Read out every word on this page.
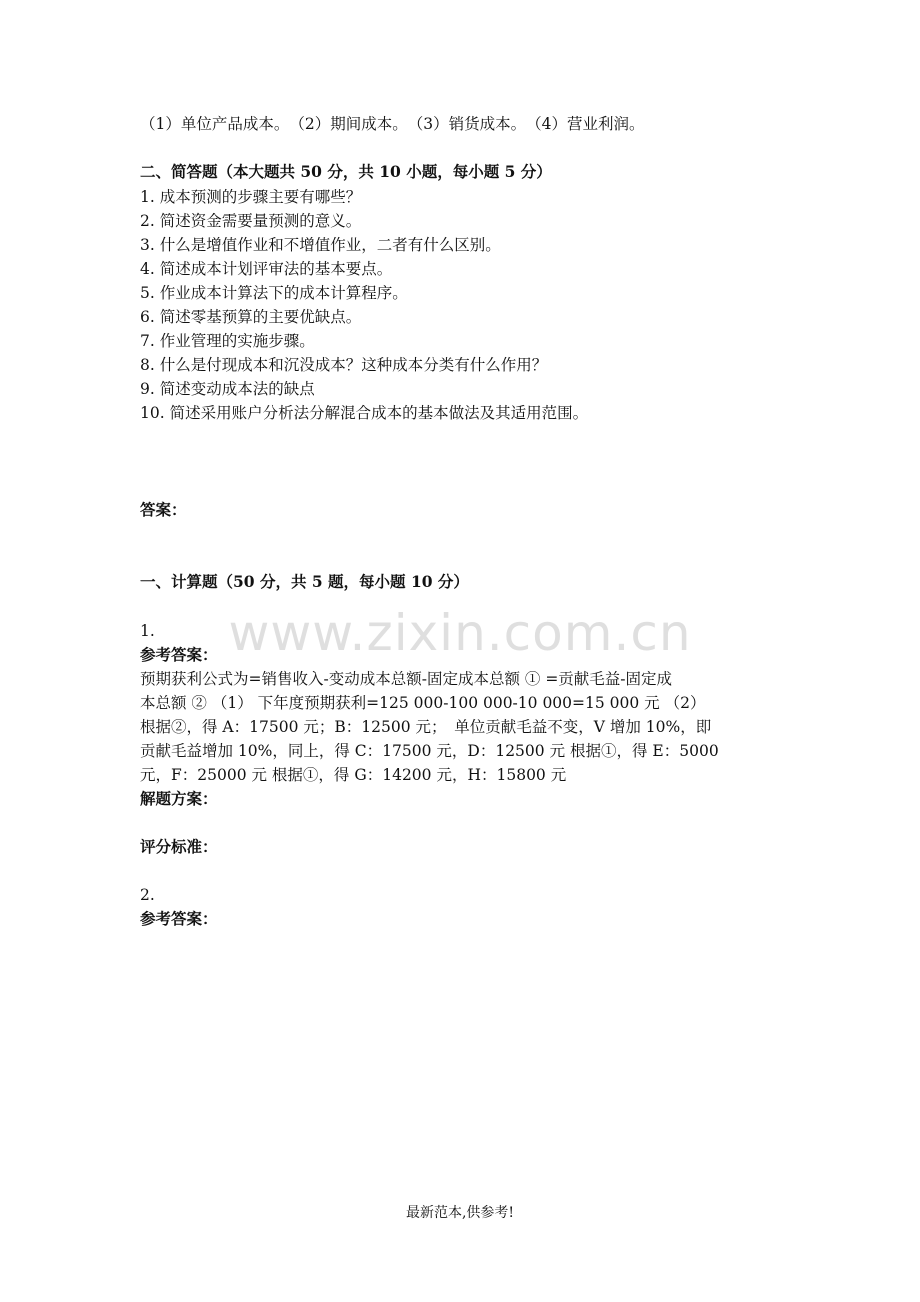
（1）单位产品成本。　（2）期间成本。　（3）销货成本。　（4）营业利润。
二、简答题（本大题共 50 分，共 10 小题，每小题 5 分）
1. 成本预测的步骤主要有哪些？
2. 简述资金需要量预测的意义。
3. 什么是增值作业和不增值作业，二者有什么区别。
4. 简述成本计划评审法的基本要点。
5. 作业成本计算法下的成本计算程序。
6. 简述零基预算的主要优缺点。
7. 作业管理的实施步骤。
8. 什么是付现成本和沉没成本？这种成本分类有什么作用？
9. 简述变动成本法的缺点
10. 简述采用账户分析法分解混合成本的基本做法及其适用范围。
答案：
一、计算题（50 分，共 5 题，每小题 10 分）
1.
参考答案：
预期获利公式为=销售收入-变动成本总额-固定成本总额 ① =贡献毛益-固定成
本总额 ② （1） 下年度预期获利=125 000-100 000-10 000=15 000 元 （2）
根据②，得 A：17500 元；B：12500 元；　单位贡献毛益不变，V 增加 10%，即
贡献毛益增加 10%，同上，得 C：17500 元，D：12500 元 根据①，得 E：5000
元，F：25000 元 根据①，得 G：14200 元，H：15800 元
解题方案：
评分标准：
2.
参考答案：
www.zixin.com.cn
最新范本,供参考!
